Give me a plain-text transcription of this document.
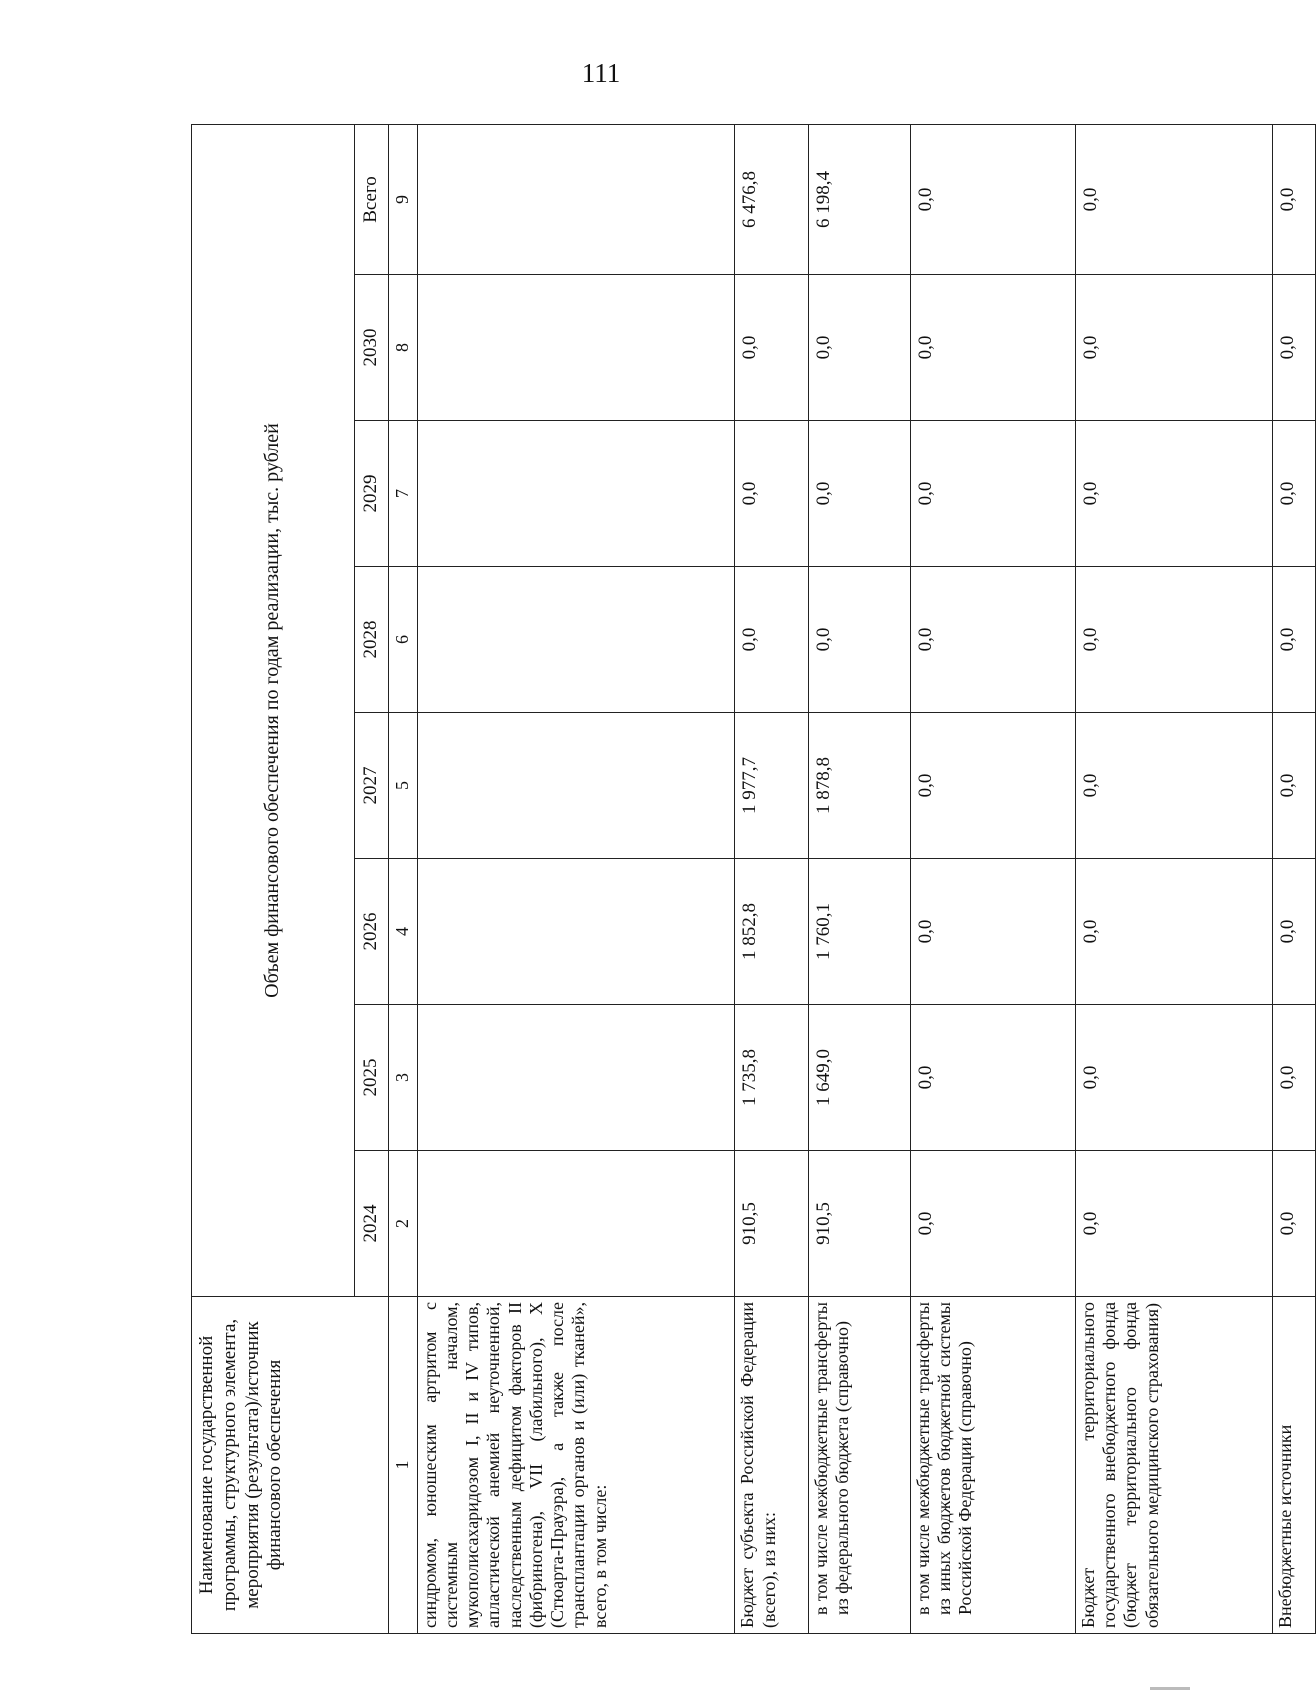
111
Наименование государственной программы, структурного элемента, мероприятия (результата)/источник финансового обеспечения	Объем финансового обеспечения по годам реализации, тыс. рублей							
	2024	2025	2026	2027	2028	2029	2030	Всего
1	2	3	4	5	6	7	8	9
синдромом, юношеским артритом с системным началом, мукополисахаридозом I, II и IV типов, апластической анемией неуточненной, наследственным дефицитом факторов II (фибриногена), VII (лабильного), X (Стюарта-Прауэра), а также после трансплантации органов и (или) тканей», всего, в том числе:								
Бюджет субъекта Российской Федерации (всего), из них:	910,5	1 735,8	1 852,8	1 977,7	0,0	0,0	0,0	6 476,8
в том числе межбюджетные трансферты из федерального бюджета (справочно)	910,5	1 649,0	1 760,1	1 878,8	0,0	0,0	0,0	6 198,4
в том числе межбюджетные трансферты из иных бюджетов бюджетной системы Российской Федерации (справочно)	0,0	0,0	0,0	0,0	0,0	0,0	0,0	0,0
Бюджет территориального государственного внебюджетного фонда (бюджет территориального фонда обязательного медицинского страхования)	0,0	0,0	0,0	0,0	0,0	0,0	0,0	0,0
Внебюджетные источники	0,0	0,0	0,0	0,0	0,0	0,0	0,0	0,0
